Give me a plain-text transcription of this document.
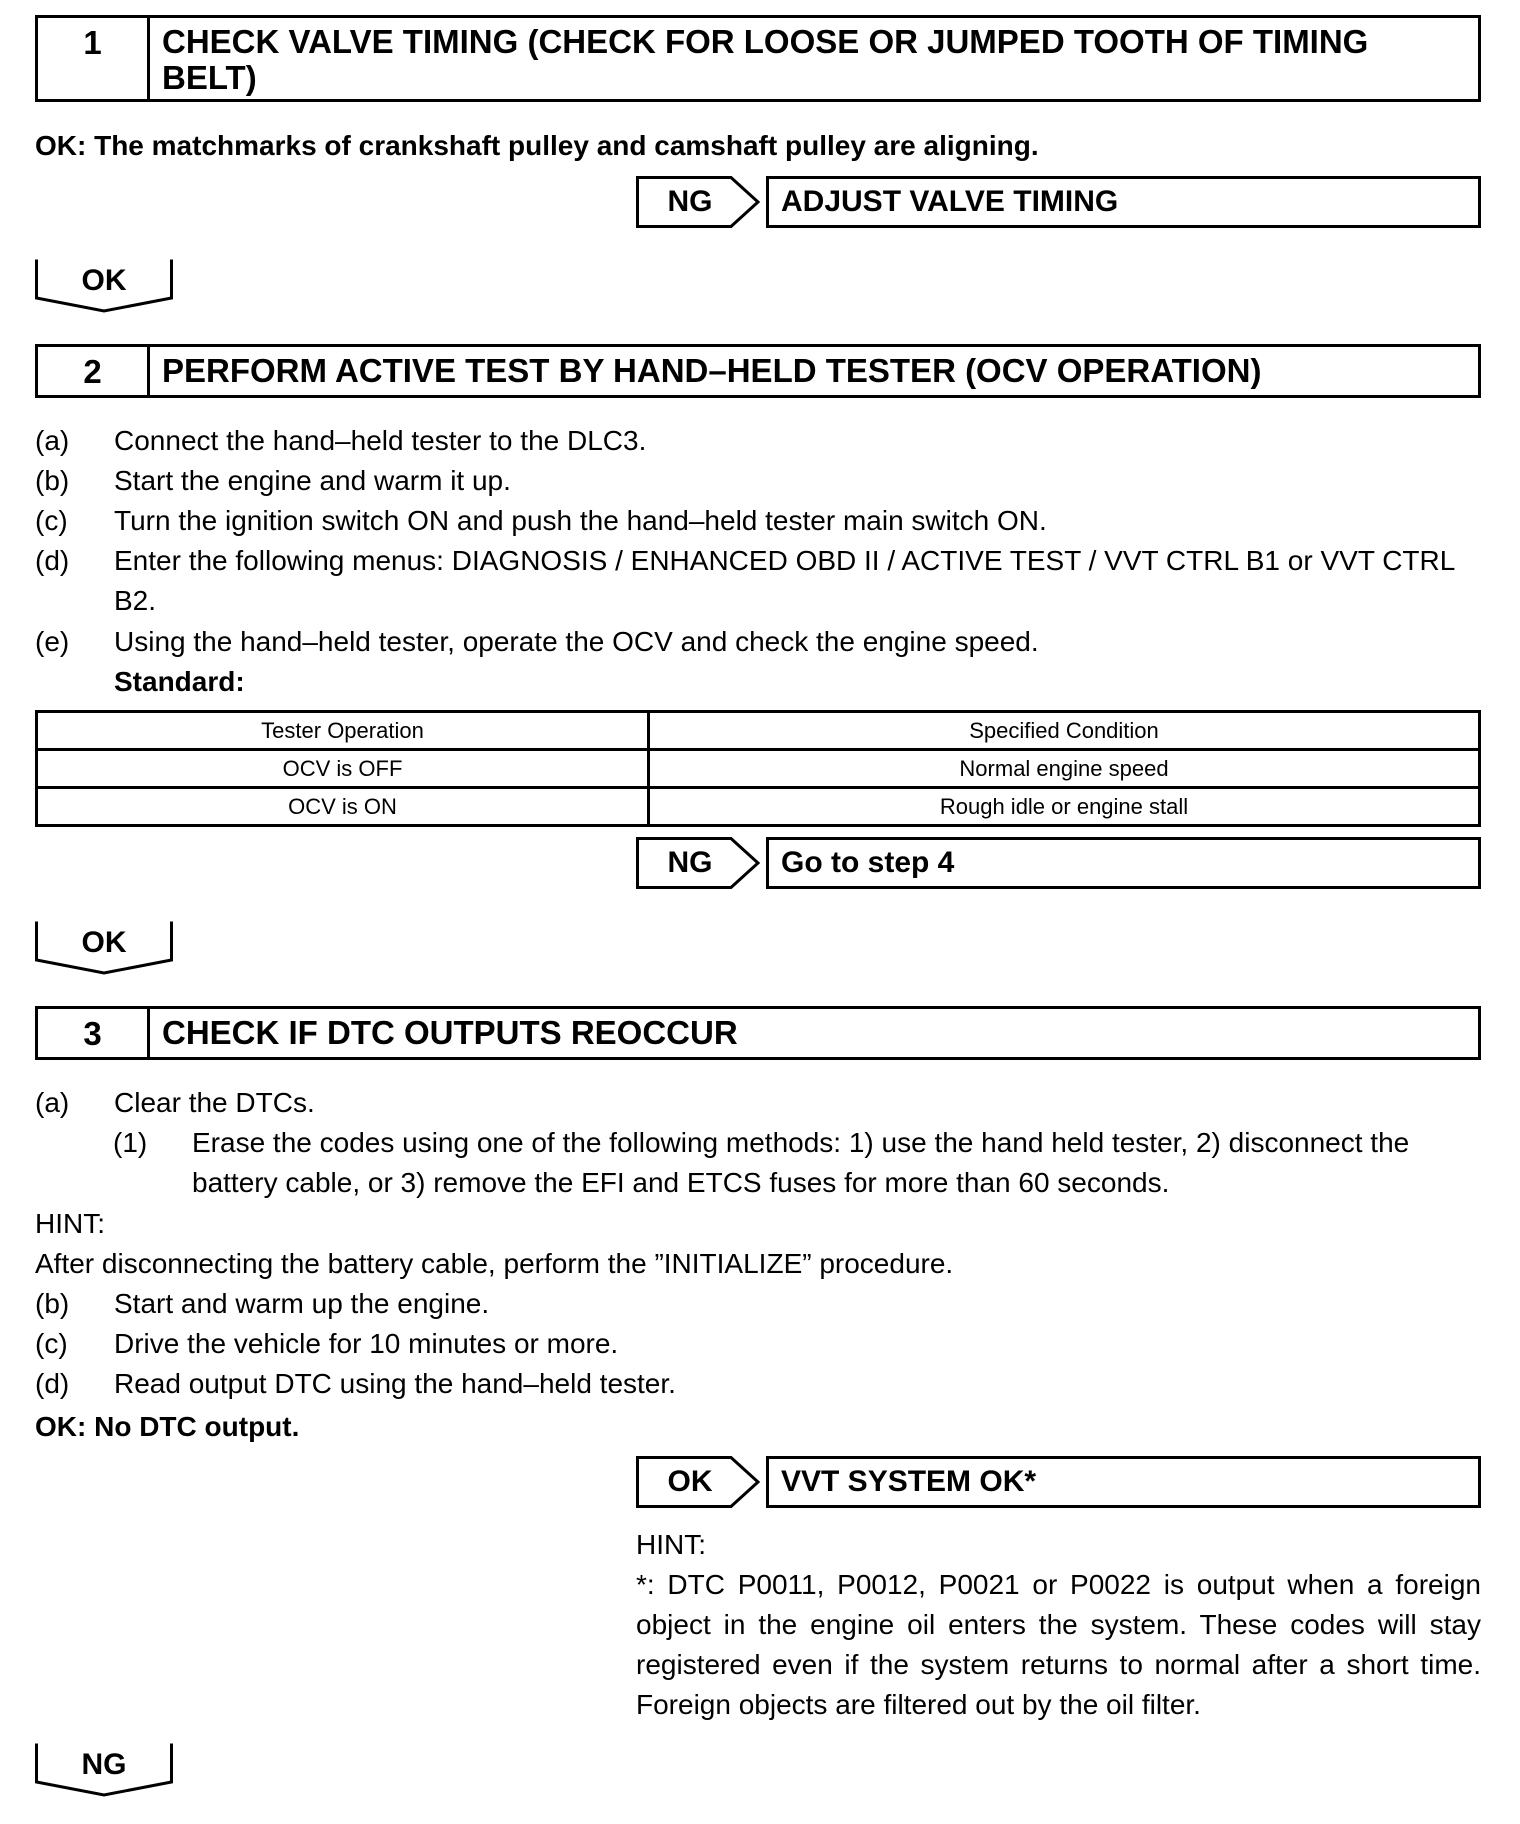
1	CHECK VALVE TIMING (CHECK FOR LOOSE OR JUMPED TOOTH OF TIMING BELT)
OK: The matchmarks of crankshaft pulley and camshaft pulley are aligning.
NG	ADJUST VALVE TIMING
OK
2	PERFORM ACTIVE TEST BY HAND–HELD TESTER (OCV OPERATION)
(a) Connect the hand–held tester to the DLC3.
(b) Start the engine and warm it up.
(c) Turn the ignition switch ON and push the hand–held tester main switch ON.
(d) Enter the following menus: DIAGNOSIS / ENHANCED OBD II / ACTIVE TEST / VVT CTRL B1 or VVT CTRL B2.
(e) Using the hand–held tester, operate the OCV and check the engine speed.
Standard:
Tester Operation	Specified Condition
OCV is OFF	Normal engine speed
OCV is ON	Rough idle or engine stall
NG	Go to step 4
OK
3	CHECK IF DTC OUTPUTS REOCCUR
(a) Clear the DTCs.
(1) Erase the codes using one of the following methods: 1) use the hand held tester, 2) disconnect the battery cable, or 3) remove the EFI and ETCS fuses for more than 60 seconds.
HINT:
After disconnecting the battery cable, perform the ”INITIALIZE” procedure.
(b) Start and warm up the engine.
(c) Drive the vehicle for 10 minutes or more.
(d) Read output DTC using the hand–held tester.
OK: No DTC output.
OK	VVT SYSTEM OK*
HINT:
*: DTC P0011, P0012, P0021 or P0022 is output when a foreign object in the engine oil enters the system. These codes will stay registered even if the system returns to normal after a short time. Foreign objects are filtered out by the oil filter.
NG
